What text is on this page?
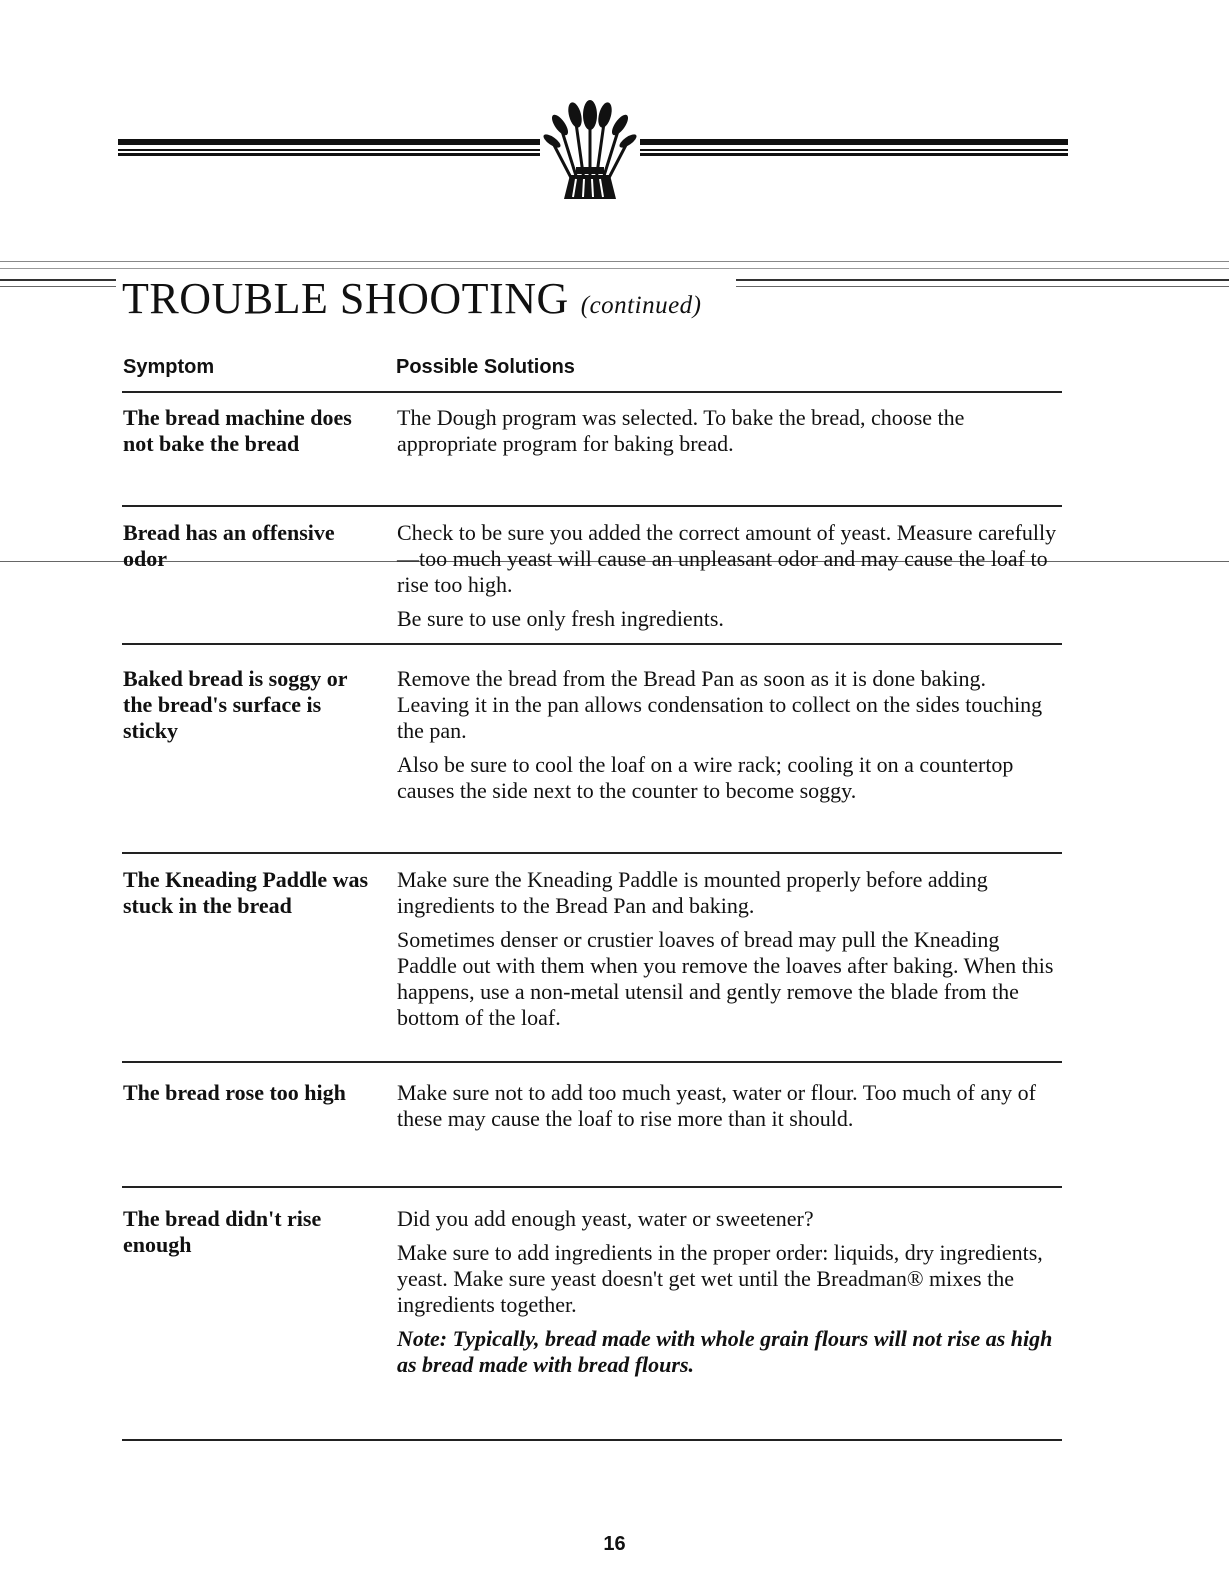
TROUBLE SHOOTING (continued)
Symptom	Possible Solutions
The bread machine does not bake the bread

The Dough program was selected. To bake the bread, choose the appropriate program for baking bread.

Bread has an offensive odor

Check to be sure you added the correct amount of yeast. Measure carefully—too much yeast will cause an unpleasant odor and may cause the loaf to rise too high.

Be sure to use only fresh ingredients.

Baked bread is soggy or the bread's surface is sticky

Remove the bread from the Bread Pan as soon as it is done baking. Leaving it in the pan allows condensation to collect on the sides touching the pan.

Also be sure to cool the loaf on a wire rack; cooling it on a countertop causes the side next to the counter to become soggy.

The Kneading Paddle was stuck in the bread

Make sure the Kneading Paddle is mounted properly before adding ingredients to the Bread Pan and baking.

Sometimes denser or crustier loaves of bread may pull the Kneading Paddle out with them when you remove the loaves after baking. When this happens, use a non-metal utensil and gently remove the blade from the bottom of the loaf.

The bread rose too high	Make sure not to add too much yeast, water or flour. Too much of any of these may cause the loaf to rise more than it should.

The bread didn't rise enough

Did you add enough yeast, water or sweetener?

Make sure to add ingredients in the proper order: liquids, dry ingredients, yeast. Make sure yeast doesn't get wet until the Breadman® mixes the ingredients together.

Note: Typically, bread made with whole grain flours will not rise as high as bread made with bread flours.

16
